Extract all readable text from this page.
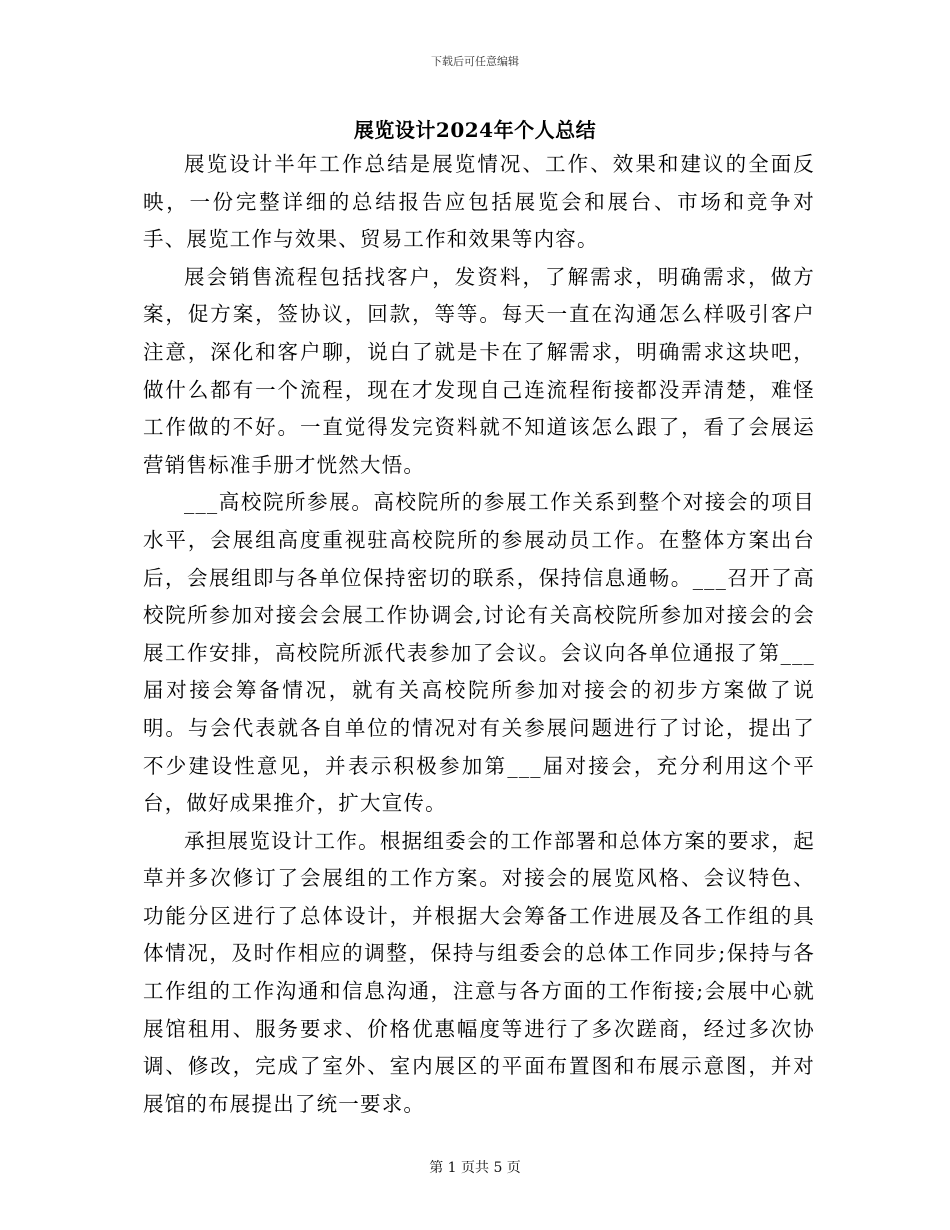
下载后可任意编辑
展览设计2024年个人总结

展览设计半年工作总结是展览情况、工作、效果和建议的全面反映，一份完整详细的总结报告应包括展览会和展台、市场和竞争对手、展览工作与效果、贸易工作和效果等内容。

展会销售流程包括找客户，发资料，了解需求，明确需求，做方案，促方案，签协议，回款，等等。每天一直在沟通怎么样吸引客户注意，深化和客户聊，说白了就是卡在了解需求，明确需求这块吧，做什么都有一个流程，现在才发现自己连流程衔接都没弄清楚，难怪工作做的不好。一直觉得发完资料就不知道该怎么跟了，看了会展运营销售标准手册才恍然大悟。

___高校院所参展。高校院所的参展工作关系到整个对接会的项目水平，会展组高度重视驻高校院所的参展动员工作。在整体方案出台后，会展组即与各单位保持密切的联系，保持信息通畅。___召开了高校院所参加对接会会展工作协调会,讨论有关高校院所参加对接会的会展工作安排，高校院所派代表参加了会议。会议向各单位通报了第___届对接会筹备情况，就有关高校院所参加对接会的初步方案做了说明。与会代表就各自单位的情况对有关参展问题进行了讨论，提出了不少建设性意见，并表示积极参加第___届对接会，充分利用这个平台，做好成果推介，扩大宣传。

承担展览设计工作。根据组委会的工作部署和总体方案的要求，起草并多次修订了会展组的工作方案。对接会的展览风格、会议特色、功能分区进行了总体设计，并根据大会筹备工作进展及各工作组的具体情况，及时作相应的调整，保持与组委会的总体工作同步;保持与各工作组的工作沟通和信息沟通，注意与各方面的工作衔接;会展中心就展馆租用、服务要求、价格优惠幅度等进行了多次蹉商，经过多次协调、修改，完成了室外、室内展区的平面布置图和布展示意图，并对展馆的布展提出了统一要求。

第 1 页共 5 页
